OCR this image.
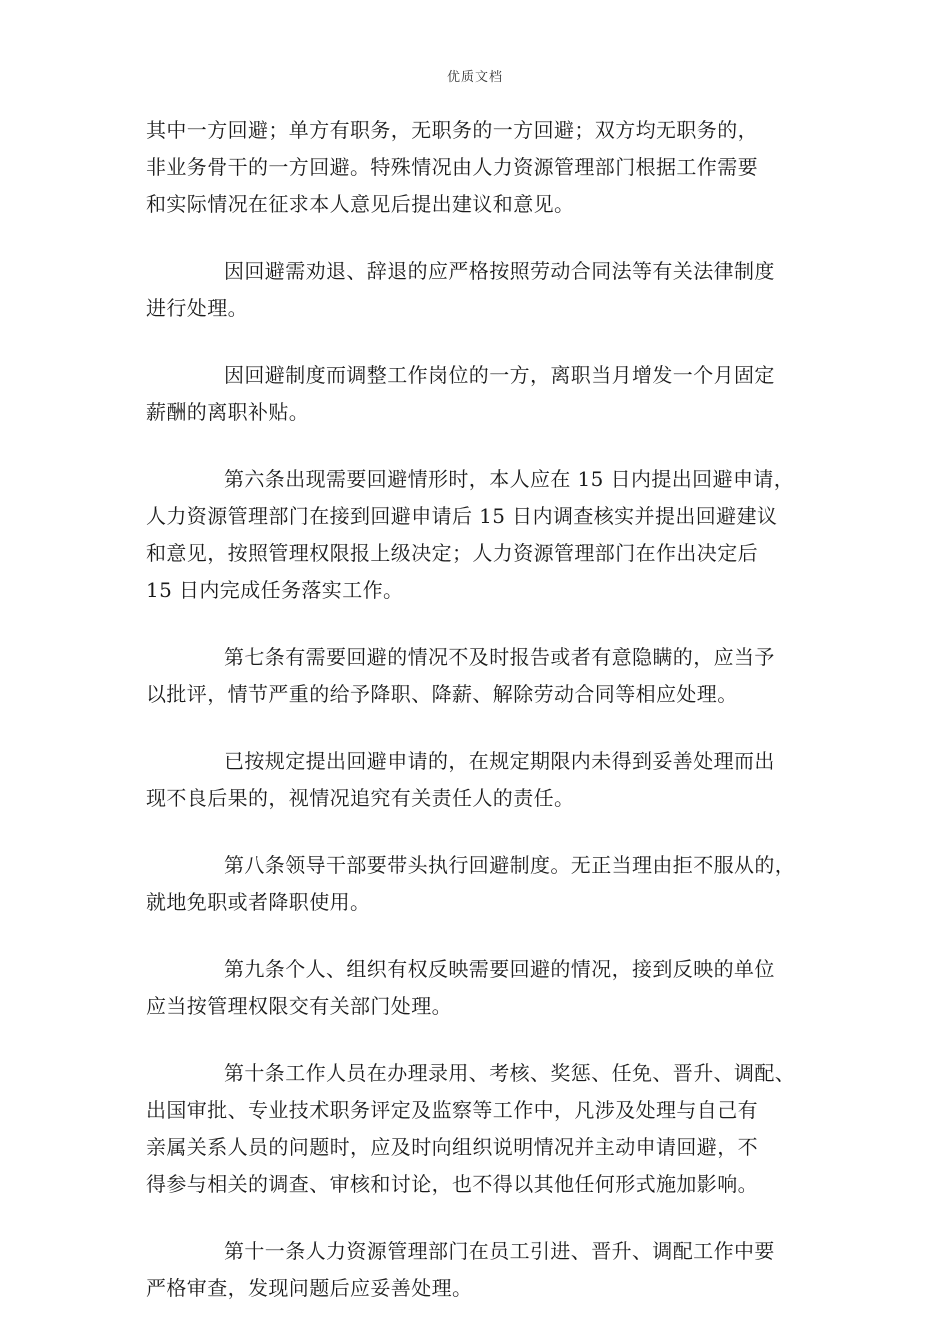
优质文档
其中一方回避；单方有职务，无职务的一方回避；双方均无职务的，
非业务骨干的一方回避。特殊情况由人力资源管理部门根据工作需要
和实际情况在征求本人意见后提出建议和意见。
因回避需劝退、辞退的应严格按照劳动合同法等有关法律制度
进行处理。
因回避制度而调整工作岗位的一方，离职当月增发一个月固定
薪酬的离职补贴。
第六条出现需要回避情形时，本人应在 15 日内提出回避申请，
人力资源管理部门在接到回避申请后 15 日内调查核实并提出回避建议
和意见，按照管理权限报上级决定；人力资源管理部门在作出决定后
15 日内完成任务落实工作。
第七条有需要回避的情况不及时报告或者有意隐瞒的，应当予
以批评，情节严重的给予降职、降薪、解除劳动合同等相应处理。
已按规定提出回避申请的，在规定期限内未得到妥善处理而出
现不良后果的，视情况追究有关责任人的责任。
第八条领导干部要带头执行回避制度。无正当理由拒不服从的，
就地免职或者降职使用。
第九条个人、组织有权反映需要回避的情况，接到反映的单位
应当按管理权限交有关部门处理。
第十条工作人员在办理录用、考核、奖惩、任免、晋升、调配、
出国审批、专业技术职务评定及监察等工作中，凡涉及处理与自己有
亲属关系人员的问题时，应及时向组织说明情况并主动申请回避，不
得参与相关的调查、审核和讨论，也不得以其他任何形式施加影响。
第十一条人力资源管理部门在员工引进、晋升、调配工作中要
严格审查，发现问题后应妥善处理。
